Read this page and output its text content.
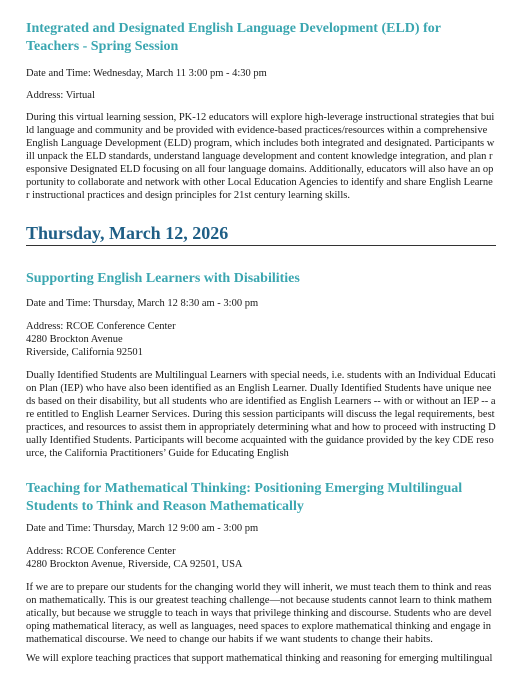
Integrated and Designated English Language Development (ELD) for Teachers - Spring Session
Date and Time: Wednesday, March 11 3:00 pm - 4:30 pm
Address: Virtual
During this virtual learning session, PK-12 educators will explore high-leverage instructional strategies that build language and community and be provided with evidence-based practices/resources within a comprehensive English Language Development (ELD) program, which includes both integrated and designated. Participants will unpack the ELD standards, understand language development and content knowledge integration, and plan responsive Designated ELD focusing on all four language domains. Additionally, educators will also have an opportunity to collaborate and network with other Local Education Agencies to identify and share English Learner instructional practices and design principles for 21st century learning skills.
Thursday, March 12, 2026
Supporting English Learners with Disabilities
Date and Time: Thursday, March 12 8:30 am - 3:00 pm
Address: RCOE Conference Center
4280 Brockton Avenue
Riverside, California 92501
Dually Identified Students are Multilingual Learners with special needs, i.e. students with an Individual Education Plan (IEP) who have also been identified as an English Learner. Dually Identified Students have unique needs based on their disability, but all students who are identified as English Learners -- with or without an IEP -- are entitled to English Learner Services. During this session participants will discuss the legal requirements, best practices, and resources to assist them in appropriately determining what and how to proceed with instructing Dually Identified Students. Participants will become acquainted with the guidance provided by the key CDE resource, the California Practitioners’ Guide for Educating English
Teaching for Mathematical Thinking: Positioning Emerging Multilingual Students to Think and Reason Mathematically
Date and Time: Thursday, March 12 9:00 am - 3:00 pm
Address: RCOE Conference Center
4280 Brockton Avenue, Riverside, CA 92501, USA
If we are to prepare our students for the changing world they will inherit, we must teach them to think and reason mathematically. This is our greatest teaching challenge—not because students cannot learn to think mathematically, but because we struggle to teach in ways that privilege thinking and discourse. Students who are developing mathematical literacy, as well as languages, need spaces to explore mathematical thinking and engage in mathematical discourse. We need to change our habits if we want students to change their habits.
We will explore teaching practices that support mathematical thinking and reasoning for emerging multilingual
